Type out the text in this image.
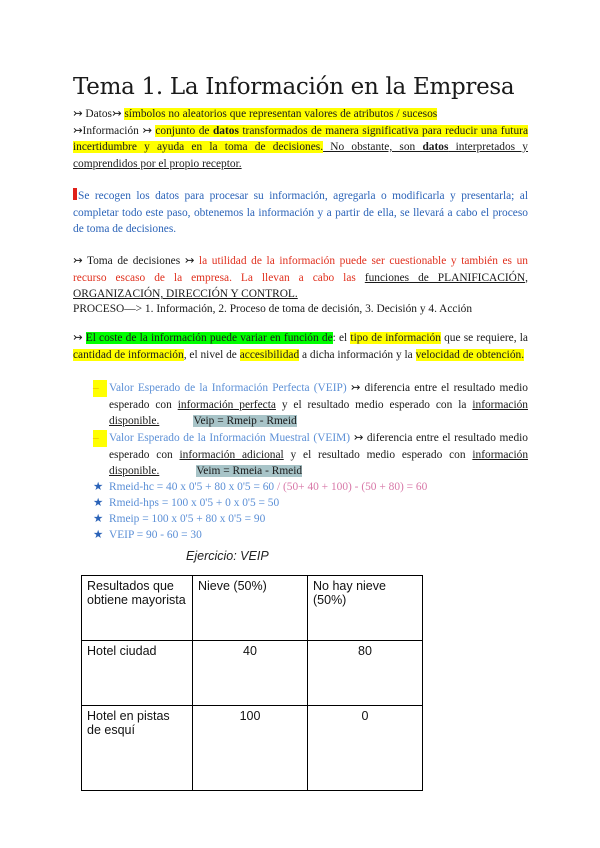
Tema 1. La Información en la Empresa
↣ Datos↣ símbolos no aleatorios que representan valores de atributos / sucesos
↣Información ↣ conjunto de datos transformados de manera significativa para reducir una futura incertidumbre y ayuda en la toma de decisiones. No obstante, son datos interpretados y comprendidos por el propio receptor.
Se recogen los datos para procesar su información, agregarla o modificarla y presentarla; al completar todo este paso, obtenemos la información y a partir de ella, se llevará a cabo el proceso de toma de decisiones.
↣ Toma de decisiones ↣ la utilidad de la información puede ser cuestionable y también es un recurso escaso de la empresa. La llevan a cabo las funciones de PLANIFICACIÓN, ORGANIZACIÓN, DIRECCIÓN Y CONTROL.
PROCESO—> 1. Información, 2. Proceso de toma de decisión, 3. Decisión y 4. Acción
↣ El coste de la información puede variar en función de: el tipo de información que se requiere, la cantidad de información, el nivel de accesibilidad a dicha información y la velocidad de obtención.
– Valor Esperado de la Información Perfecta (VEIP) ↣ diferencia entre el resultado medio esperado con información perfecta y el resultado medio esperado con la información disponible.	Veip = Rmeip - Rmeid
– Valor Esperado de la Información Muestral (VEIM) ↣ diferencia entre el resultado medio esperado con información adicional y el resultado medio esperado con información disponible.	Veim = Rmeia - Rmeid
★ Rmeid-hc = 40 x 0'5 + 80 x 0'5 = 60 / (50+ 40 + 100) - (50 + 80) = 60
★ Rmeid-hps = 100 x 0'5 + 0 x 0'5 = 50
★ Rmeip = 100 x 0'5 + 80 x 0'5 = 90
★ VEIP = 90 - 60 = 30
Ejercicio: VEIP
Resultados que obtiene mayorista	Nieve (50%)	No hay nieve (50%)
Hotel ciudad	40	80
Hotel en pistas de esquí	100	0
